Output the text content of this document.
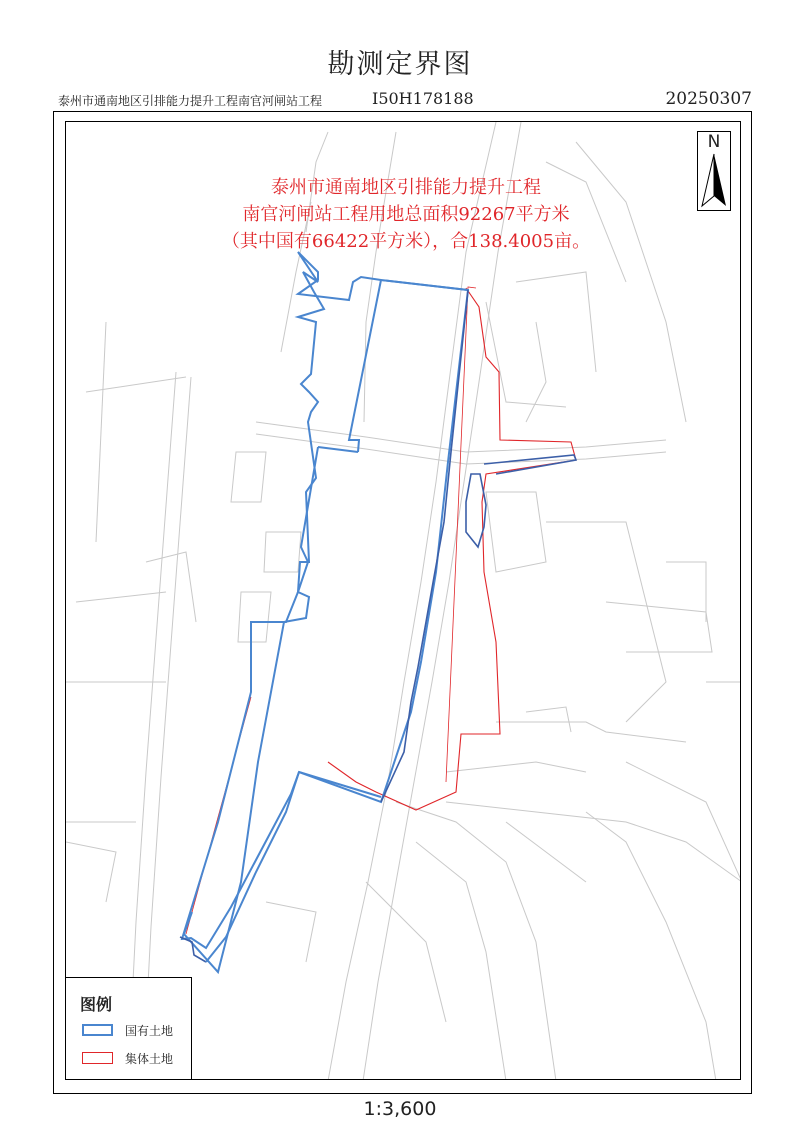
勘测定界图
泰州市通南地区引排能力提升工程南官河闸站工程	I50H178188	20250307
泰州市通南地区引排能力提升工程
南官河闸站工程用地总面积92267平方米
（其中国有66422平方米），合138.4005亩。
N
图例
国有土地
集体土地
1:3,600
